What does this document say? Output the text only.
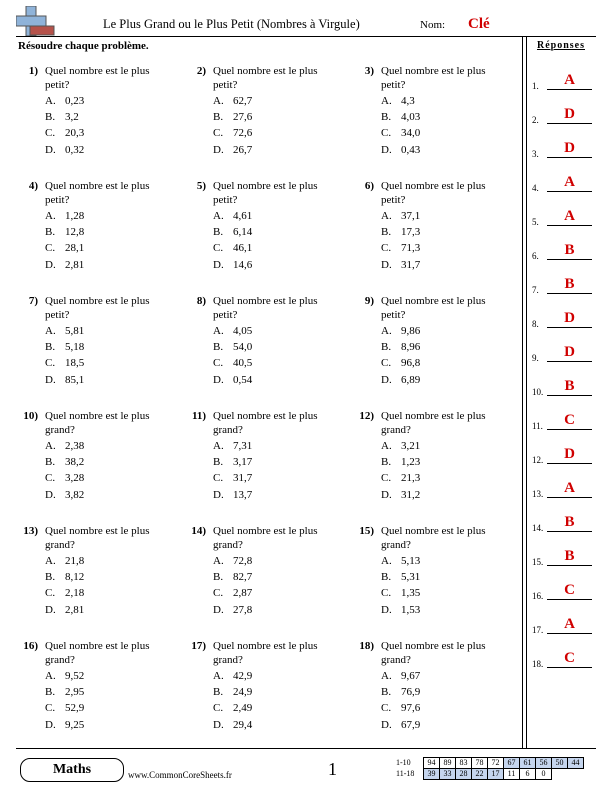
Le Plus Grand ou le Plus Petit (Nombres à Virgule)	Nom: Clé
Résoudre chaque problème.
1) Quel nombre est le plus petit?
A. 0,23
B. 3,2
C. 20,3
D. 0,32
2) Quel nombre est le plus petit?
A. 62,7
B. 27,6
C. 72,6
D. 26,7
3) Quel nombre est le plus petit?
A. 4,3
B. 4,03
C. 34,0
D. 0,43
4) Quel nombre est le plus petit?
A. 1,28
B. 12,8
C. 28,1
D. 2,81
5) Quel nombre est le plus petit?
A. 4,61
B. 6,14
C. 46,1
D. 14,6
6) Quel nombre est le plus petit?
A. 37,1
B. 17,3
C. 71,3
D. 31,7
7) Quel nombre est le plus petit?
A. 5,81
B. 5,18
C. 18,5
D. 85,1
8) Quel nombre est le plus petit?
A. 4,05
B. 54,0
C. 40,5
D. 0,54
9) Quel nombre est le plus petit?
A. 9,86
B. 8,96
C. 96,8
D. 6,89
10) Quel nombre est le plus grand?
A. 2,38
B. 38,2
C. 3,28
D. 3,82
11) Quel nombre est le plus grand?
A. 7,31
B. 3,17
C. 31,7
D. 13,7
12) Quel nombre est le plus grand?
A. 3,21
B. 1,23
C. 21,3
D. 31,2
13) Quel nombre est le plus grand?
A. 21,8
B. 8,12
C. 2,18
D. 2,81
14) Quel nombre est le plus grand?
A. 72,8
B. 82,7
C. 2,87
D. 27,8
15) Quel nombre est le plus grand?
A. 5,13
B. 5,31
C. 1,35
D. 1,53
16) Quel nombre est le plus grand?
A. 9,52
B. 2,95
C. 52,9
D. 9,25
17) Quel nombre est le plus grand?
A. 42,9
B. 24,9
C. 2,49
D. 29,4
18) Quel nombre est le plus grand?
A. 9,67
B. 76,9
C. 97,6
D. 67,9
Réponses
1.	A
2.	D
3.	D
4.	A
5.	A
6.	B
7.	B
8.	D
9.	D
10.	B
11.	C
12.	D
13.	A
14.	B
15.	B
16.	C
17.	A
18.	C
Maths	www.CommonCoreSheets.fr	1	1-10	94	89	83	78	72	67	61	56	50	44
11-18	39	33	28	22	17	11	6	0
